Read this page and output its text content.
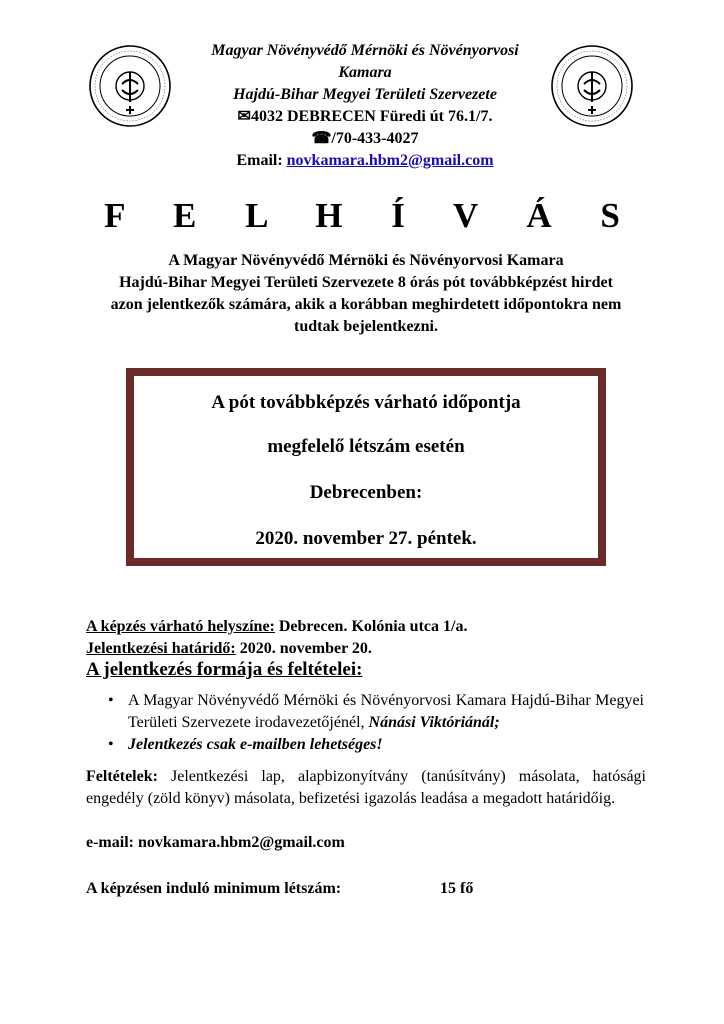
Magyar Növényvédő Mérnöki és Növényorvosi
Kamara
Hajdú-Bihar Megyei Területi Szervezete
✉4032 DEBRECEN Füredi út 76.1/7.
☎/70-433-4027
Email: novkamara.hbm2@gmail.com
F E L H Í V Á S
A Magyar Növényvédő Mérnöki és Növényorvosi Kamara
Hajdú-Bihar Megyei Területi Szervezete 8 órás pót továbbképzést hirdet
azon jelentkezők számára, akik a korábban meghirdetett időpontokra nem
tudtak bejelentkezni.
A pót továbbképzés várható időpontja
megfelelő létszám esetén
Debrecenben:
2020. november 27. péntek.
A képzés várható helyszíne: Debrecen. Kolónia utca 1/a.
Jelentkezési határidő: 2020. november 20.
A jelentkezés formája és feltételei:
• A Magyar Növényvédő Mérnöki és Növényorvosi Kamara Hajdú-Bihar Megyei Területi Szervezete irodavezetőjénél, Nánási Viktóriánál;
• Jelentkezés csak e-mailben lehetséges!
Feltételek: Jelentkezési lap, alapbizonyítvány (tanúsítvány) másolata, hatósági engedély (zöld könyv) másolata, befizetési igazolás leadása a megadott határidőig.
e-mail: novkamara.hbm2@gmail.com
A képzésen induló minimum létszám:	15 fő
